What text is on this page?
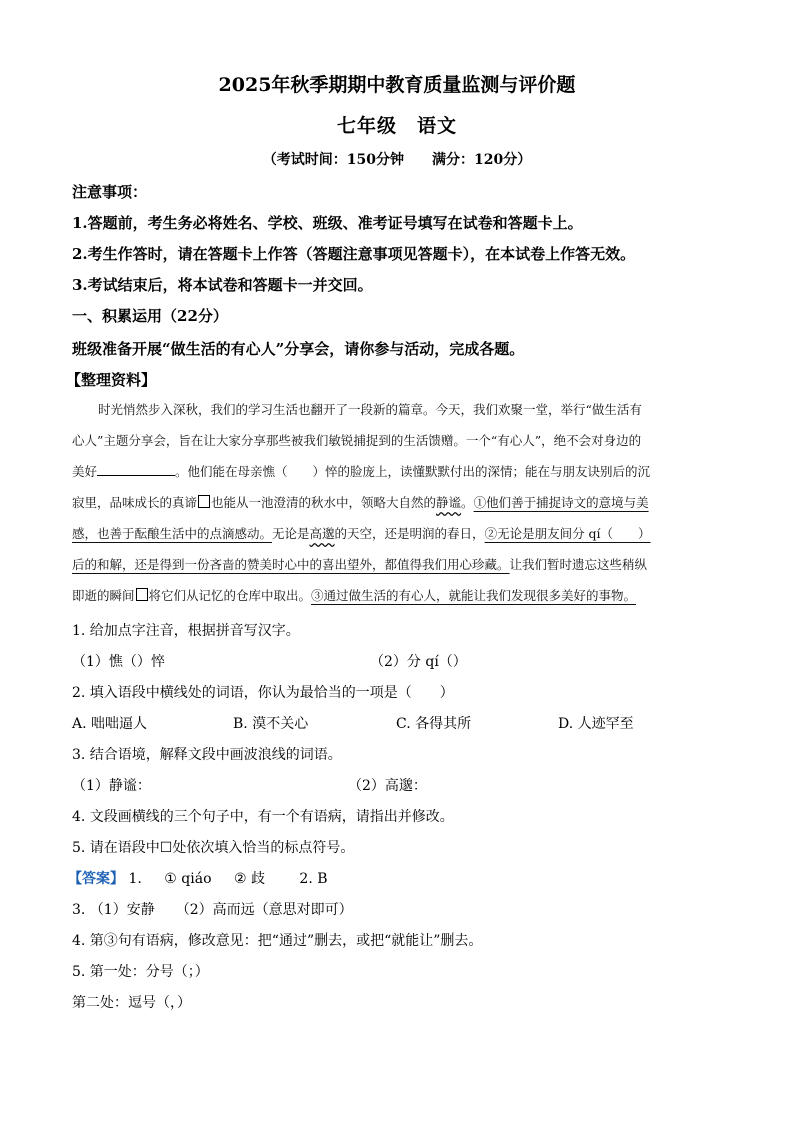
2025年秋季期期中教育质量监测与评价题
七年级　语文
（考试时间：150分钟　　满分：120分）
注意事项：
1.答题前，考生务必将姓名、学校、班级、准考证号填写在试卷和答题卡上。
2.考生作答时，请在答题卡上作答（答题注意事项见答题卡），在本试卷上作答无效。
3.考试结束后，将本试卷和答题卡一并交回。
一、积累运用（22分）
班级准备开展“做生活的有心人”分享会，请你参与活动，完成各题。
【整理资料】
时光悄然步入深秋，我们的学习生活也翻开了一段新的篇章。今天，我们欢聚一堂，举行“做生活有
心人”主题分享会，旨在让大家分享那些被我们敏锐捕捉到的生活馈赠。一个“有心人”，绝不会对身边的
美好	。他们能在母亲憔（　　）悴的脸庞上，读懂默默付出的深情；能在与朋友诀别后的沉
寂里，品味成长的真谛 也能从一池澄清的秋水中，领略大自然的静谧。①他们善于捕捉诗文的意境与美
感，也善于酝酿生活中的点滴感动。无论是高邈的天空，还是明润的春日，②无论是朋友间分 qí（　　）
后的和解，还是得到一份吝啬的赞美时心中的喜出望外，都值得我们用心珍藏。让我们暂时遗忘这些稍纵
即逝的瞬间 将它们从记忆的仓库中取出。③通过做生活的有心人，就能让我们发现很多美好的事物。
1. 给加点字注音，根据拼音写汉字。
（1）憔（）悴	（2）分 qí（）
2. 填入语段中横线处的词语，你认为最恰当的一项是（　　）
A. 咄咄逼人	B. 漠不关心	C. 各得其所	D. 人迹罕至
3. 结合语境，解释文段中画波浪线的词语。
（1）静谧：	（2）高邈：
4. 文段画横线的三个句子中，有一个有语病，请指出并修改。
5. 请在语段中☐处依次填入恰当的标点符号。
【答案】 1. ① qiáo ② 歧 2. B
3. （1）安静　　（2）高而远（意思对即可）
4. 第③句有语病，修改意见：把“通过”删去，或把“就能让”删去。
5. 第一处：分号（；）
第二处：逗号（，）
